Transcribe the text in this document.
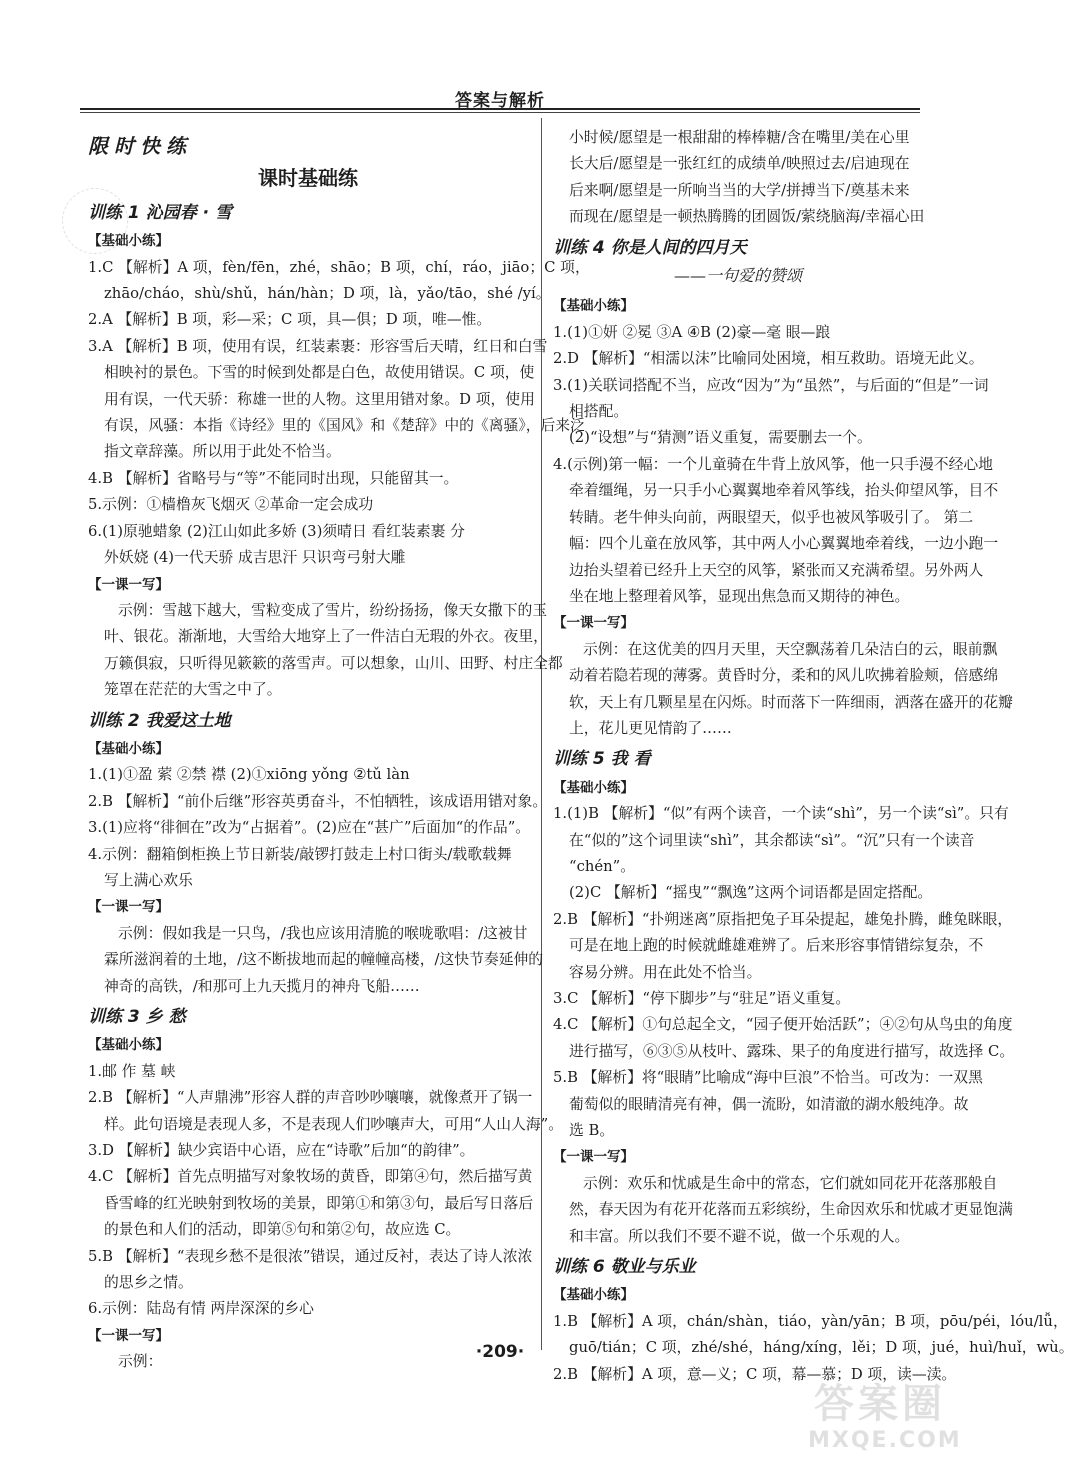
答案与解析
限时快练
课时基础练
训练 1 沁园春 · 雪
【基础小练】
1.C 【解析】A 项，fèn/fēn，zhé，shāo；B 项，chí，ráo，jiāo；C 项，
zhāo/cháo，shù/shǔ，hán/hàn；D 项，là，yǎo/tāo，shé /yí。
2.A 【解析】B 项，彩—采；C 项，具—俱；D 项，唯—惟。
3.A 【解析】B 项，使用有误，红装素裹：形容雪后天晴，红日和白雪
相映衬的景色。下雪的时候到处都是白色，故使用错误。C 项，使
用有误，一代天骄：称雄一世的人物。这里用错对象。D 项，使用
有误，风骚：本指《诗经》里的《国风》和《楚辞》中的《离骚》，后来泛
指文章辞藻。所以用于此处不恰当。
4.B 【解析】省略号与“等”不能同时出现，只能留其一。
5.示例：①樯橹灰飞烟灭 ②革命一定会成功
6.(1)原驰蜡象 (2)江山如此多娇 (3)须晴日 看红装素裹 分
外妖娆 (4)一代天骄 成吉思汗 只识弯弓射大雕
【一课一写】
示例：雪越下越大，雪粒变成了雪片，纷纷扬扬，像天女撒下的玉
叶、银花。渐渐地，大雪给大地穿上了一件洁白无瑕的外衣。夜里，
万籁俱寂，只听得见簌簌的落雪声。可以想象，山川、田野、村庄全都
笼罩在茫茫的大雪之中了。
训练 2 我爱这土地
【基础小练】
1.(1)①盈 萦 ②禁 襟 (2)①xiōng yǒng ②tǔ làn
2.B 【解析】“前仆后继”形容英勇奋斗，不怕牺牲，该成语用错对象。
3.(1)应将“徘徊在”改为“占据着”。(2)应在“甚广”后面加“的作品”。
4.示例：翻箱倒柜换上节日新装/敲锣打鼓走上村口街头/载歌载舞
写上满心欢乐
【一课一写】
示例：假如我是一只鸟，/我也应该用清脆的喉咙歌唱：/这被甘
霖所滋润着的土地，/这不断拔地而起的幢幢高楼，/这快节奏延伸的
神奇的高铁，/和那可上九天揽月的神舟飞船……
训练 3 乡 愁
【基础小练】
1.邮 作 墓 峡
2.B 【解析】“人声鼎沸”形容人群的声音吵吵嚷嚷，就像煮开了锅一
样。此句语境是表现人多，不是表现人们吵嚷声大，可用“人山人海”。
3.D 【解析】缺少宾语中心语，应在“诗歌”后加“的韵律”。
4.C 【解析】首先点明描写对象牧场的黄昏，即第④句，然后描写黄
昏雪峰的红光映射到牧场的美景，即第①和第③句，最后写日落后
的景色和人们的活动，即第⑤句和第②句，故应选 C。
5.B 【解析】“表现乡愁不是很浓”错误，通过反衬，表达了诗人浓浓
的思乡之情。
6.示例：陆岛有情 两岸深深的乡心
【一课一写】
示例：
小时候/愿望是一根甜甜的棒棒糖/含在嘴里/美在心里
长大后/愿望是一张红红的成绩单/映照过去/启迪现在
后来啊/愿望是一所响当当的大学/拼搏当下/奠基未来
而现在/愿望是一顿热腾腾的团圆饭/萦绕脑海/幸福心田
训练 4 你是人间的四月天
——一句爱的赞颂
【基础小练】
1.(1)①妍 ②冕 ③A ④B (2)豪—毫 眼—踉
2.D 【解析】“相濡以沫”比喻同处困境，相互救助。语境无此义。
3.(1)关联词搭配不当，应改“因为”为“虽然”，与后面的“但是”一词
相搭配。
(2)“设想”与“猜测”语义重复，需要删去一个。
4.(示例)第一幅：一个儿童骑在牛背上放风筝，他一只手漫不经心地
牵着缰绳，另一只手小心翼翼地牵着风筝线，抬头仰望风筝，目不
转睛。老牛伸头向前，两眼望天，似乎也被风筝吸引了。 第二
幅：四个儿童在放风筝，其中两人小心翼翼地牵着线，一边小跑一
边抬头望着已经升上天空的风筝，紧张而又充满希望。另外两人
坐在地上整理着风筝，显现出焦急而又期待的神色。
【一课一写】
示例：在这优美的四月天里，天空飘荡着几朵洁白的云，眼前飘
动着若隐若现的薄雾。黄昏时分，柔和的风儿吹拂着脸颊，倍感绵
软，天上有几颗星星在闪烁。时而落下一阵细雨，洒落在盛开的花瓣
上，花儿更见情韵了……
训练 5 我 看
【基础小练】
1.(1)B 【解析】“似”有两个读音，一个读“shì”，另一个读“sì”。只有
在“似的”这个词里读“shì”，其余都读“sì”。“沉”只有一个读音
“chén”。
(2)C 【解析】“摇曳”“飘逸”这两个词语都是固定搭配。
2.B 【解析】“扑朔迷离”原指把兔子耳朵提起，雄兔扑腾，雌兔眯眼，
可是在地上跑的时候就雌雄难辨了。后来形容事情错综复杂，不
容易分辨。用在此处不恰当。
3.C 【解析】“停下脚步”与“驻足”语义重复。
4.C 【解析】①句总起全文，“园子便开始活跃”；④②句从鸟虫的角度
进行描写，⑥③⑤从枝叶、露珠、果子的角度进行描写，故选择 C。
5.B 【解析】将“眼睛”比喻成“海中巨浪”不恰当。可改为：一双黑
葡萄似的眼睛清亮有神，偶一流盼，如清澈的湖水般纯净。故
选 B。
【一课一写】
示例：欢乐和忧戚是生命中的常态，它们就如同花开花落那般自
然，春天因为有花开花落而五彩缤纷，生命因欢乐和忧戚才更显饱满
和丰富。所以我们不要不避不说，做一个乐观的人。
训练 6 敬业与乐业
【基础小练】
1.B 【解析】A 项，chán/shàn，tiáo，yàn/yān；B 项，pōu/péi，lóu/lǚ，
guō/tián；C 项，zhé/shé，háng/xíng，lěi；D 项，jué，huì/huǐ，wù。
2.B 【解析】A 项，意—义；C 项，幕—慕；D 项，读—渎。
·209·
答案圈
MXQE.COM
